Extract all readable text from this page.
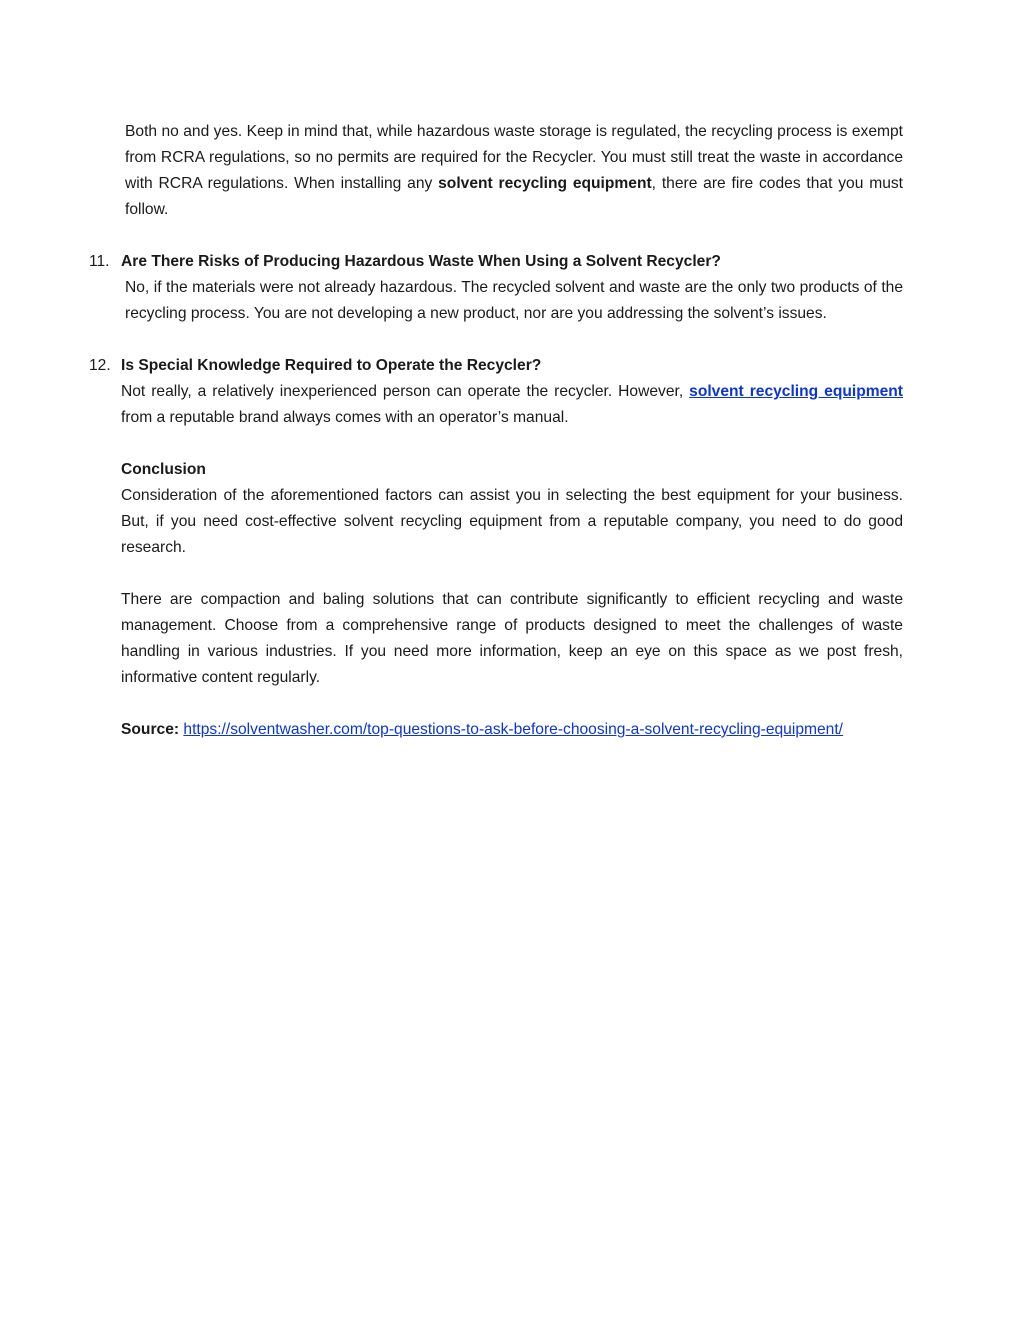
Both no and yes. Keep in mind that, while hazardous waste storage is regulated, the recycling process is exempt from RCRA regulations, so no permits are required for the Recycler. You must still treat the waste in accordance with RCRA regulations. When installing any solvent recycling equipment, there are fire codes that you must follow.

11. Are There Risks of Producing Hazardous Waste When Using a Solvent Recycler?

No, if the materials were not already hazardous. The recycled solvent and waste are the only two products of the recycling process. You are not developing a new product, nor are you addressing the solvent’s issues.

12. Is Special Knowledge Required to Operate the Recycler?

Not really, a relatively inexperienced person can operate the recycler. However, solvent recycling equipment from a reputable brand always comes with an operator’s manual.

Conclusion

Consideration of the aforementioned factors can assist you in selecting the best equipment for your business. But, if you need cost-effective solvent recycling equipment from a reputable company, you need to do good research.

There are compaction and baling solutions that can contribute significantly to efficient recycling and waste management. Choose from a comprehensive range of products designed to meet the challenges of waste handling in various industries. If you need more information, keep an eye on this space as we post fresh, informative content regularly.

Source: https://solventwasher.com/top-questions-to-ask-before-choosing-a-solvent-recycling-equipment/
